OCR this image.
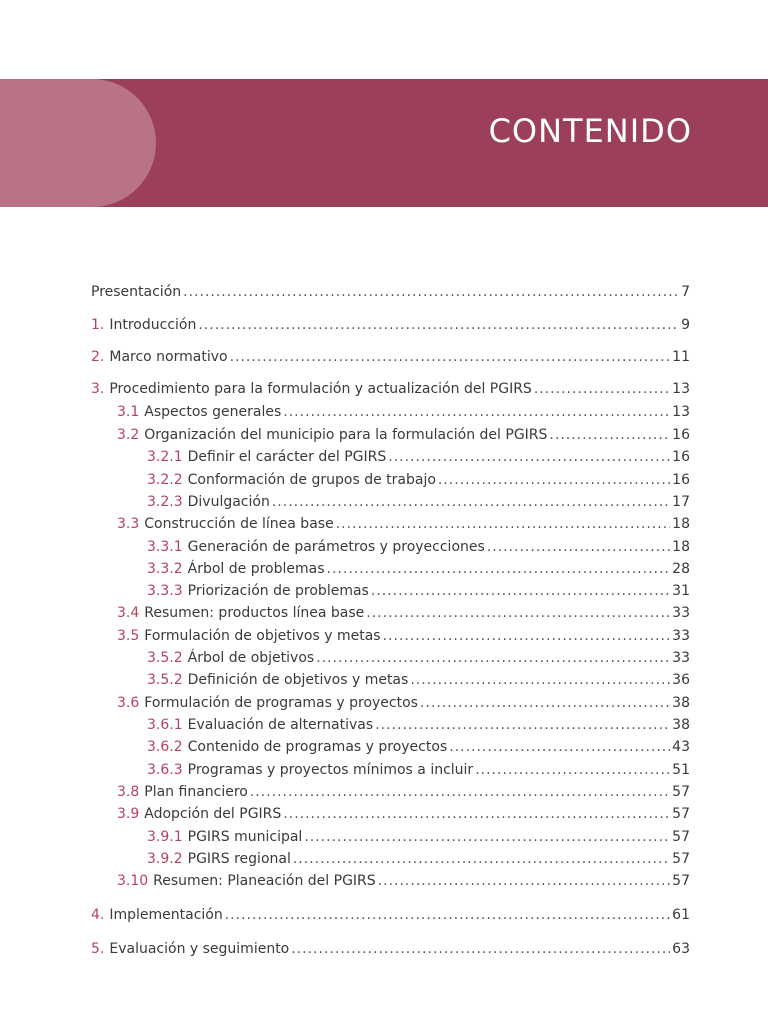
CONTENIDO
Presentación .....	7
1. Introducción .....	9
2. Marco normativo .....	11
3. Procedimiento para la formulación y actualización del PGIRS .....	13
3.1 Aspectos generales .....	13
3.2 Organización del municipio para la formulación del PGIRS .....	16
3.2.1 Definir el carácter del PGIRS .....	16
3.2.2 Conformación de grupos de trabajo .....	16
3.2.3 Divulgación .....	17
3.3 Construcción de línea base .....	18
3.3.1 Generación de parámetros y proyecciones .....	18
3.3.2 Árbol de problemas .....	28
3.3.3 Priorización de problemas .....	31
3.4 Resumen: productos línea base .....	33
3.5 Formulación de objetivos y metas .....	33
3.5.2 Árbol de objetivos .....	33
3.5.2 Definición de objetivos y metas .....	36
3.6 Formulación de programas y proyectos .....	38
3.6.1 Evaluación de alternativas .....	38
3.6.2 Contenido de programas y proyectos .....	43
3.6.3 Programas y proyectos mínimos a incluir .....	51
3.8 Plan financiero .....	57
3.9 Adopción del PGIRS .....	57
3.9.1 PGIRS municipal .....	57
3.9.2 PGIRS regional .....	57
3.10 Resumen: Planeación del PGIRS .....	57
4. Implementación .....	61
5. Evaluación y seguimiento .....	63
